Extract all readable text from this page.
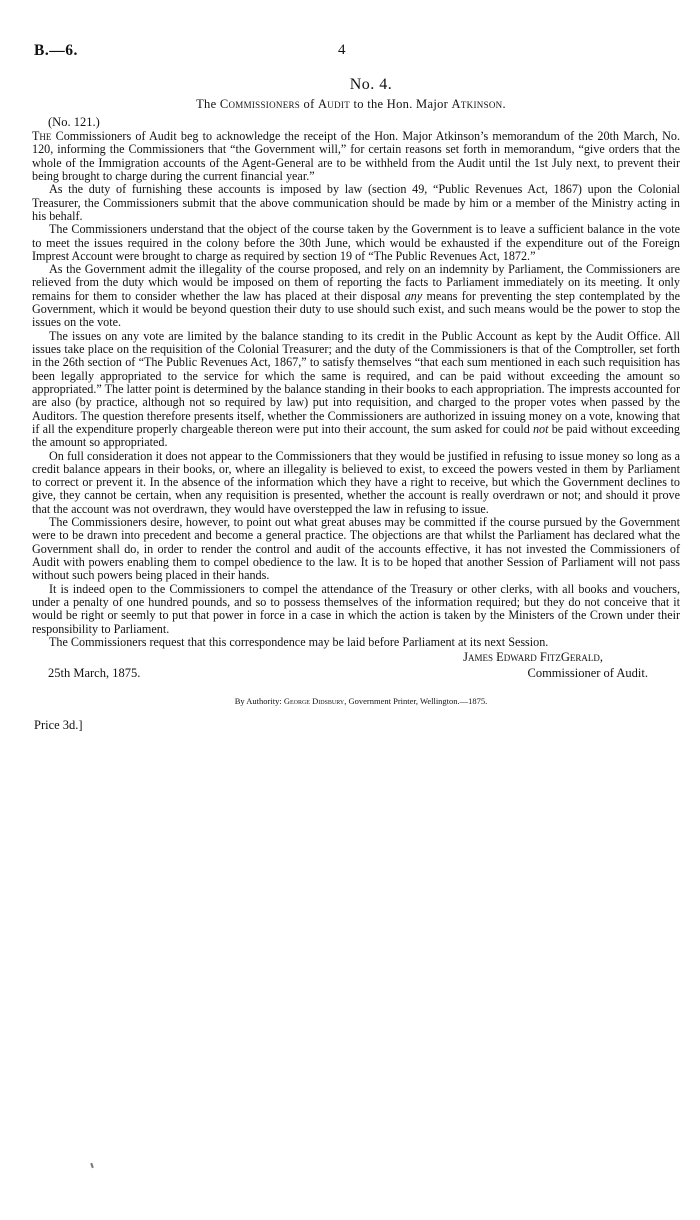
B.—6.	4
No. 4.
The Commissioners of Audit to the Hon. Major Atkinson.
(No. 121.)

The Commissioners of Audit beg to acknowledge the receipt of the Hon. Major Atkinson’s memorandum of the 20th March, No. 120, informing the Commissioners that “the Government will,” for certain reasons set forth in memorandum, “give orders that the whole of the Immigration accounts of the Agent-General are to be withheld from the Audit until the 1st July next, to prevent their being brought to charge during the current financial year.”

As the duty of furnishing these accounts is imposed by law (section 49, “Public Revenues Act, 1867) upon the Colonial Treasurer, the Commissioners submit that the above communication should be made by him or a member of the Ministry acting in his behalf.

The Commissioners understand that the object of the course taken by the Government is to leave a sufficient balance in the vote to meet the issues required in the colony before the 30th June, which would be exhausted if the expenditure out of the Foreign Imprest Account were brought to charge as required by section 19 of “The Public Revenues Act, 1872.”

As the Government admit the illegality of the course proposed, and rely on an indemnity by Parliament, the Commissioners are relieved from the duty which would be imposed on them of reporting the facts to Parliament immediately on its meeting. It only remains for them to consider whether the law has placed at their disposal any means for preventing the step contemplated by the Government, which it would be beyond question their duty to use should such exist, and such means would be the power to stop the issues on the vote.

The issues on any vote are limited by the balance standing to its credit in the Public Account as kept by the Audit Office. All issues take place on the requisition of the Colonial Treasurer; and the duty of the Commissioners is that of the Comptroller, set forth in the 26th section of “The Public Revenues Act, 1867,” to satisfy themselves “that each sum mentioned in each such requisition has been legally appropriated to the service for which the same is required, and can be paid without exceeding the amount so appropriated.” The latter point is determined by the balance standing in their books to each appropriation. The imprests accounted for are also (by practice, although not so required by law) put into requisition, and charged to the proper votes when passed by the Auditors. The question therefore presents itself, whether the Commissioners are authorized in issuing money on a vote, knowing that if all the expenditure properly chargeable thereon were put into their account, the sum asked for could not be paid without exceeding the amount so appropriated.

On full consideration it does not appear to the Commissioners that they would be justified in refusing to issue money so long as a credit balance appears in their books, or, where an illegality is believed to exist, to exceed the powers vested in them by Parliament to correct or prevent it. In the absence of the information which they have a right to receive, but which the Government declines to give, they cannot be certain, when any requisition is presented, whether the account is really overdrawn or not; and should it prove that the account was not overdrawn, they would have overstepped the law in refusing to issue.

The Commissioners desire, however, to point out what great abuses may be committed if the course pursued by the Government were to be drawn into precedent and become a general practice. The objections are that whilst the Parliament has declared what the Government shall do, in order to render the control and audit of the accounts effective, it has not invested the Commissioners of Audit with powers enabling them to compel obedience to the law. It is to be hoped that another Session of Parliament will not pass without such powers being placed in their hands.

It is indeed open to the Commissioners to compel the attendance of the Treasury or other clerks, with all books and vouchers, under a penalty of one hundred pounds, and so to possess themselves of the information required; but they do not conceive that it would be right or seemly to put that power in force in a case in which the action is taken by the Ministers of the Crown under their responsibility to Parliament.

The Commissioners request that this correspondence may be laid before Parliament at its next Session.

James Edward FitzGerald,
25th March, 1875.	Commissioner of Audit.
By Authority: George Didsbury, Government Printer, Wellington.—1875.
Price 3d.]
